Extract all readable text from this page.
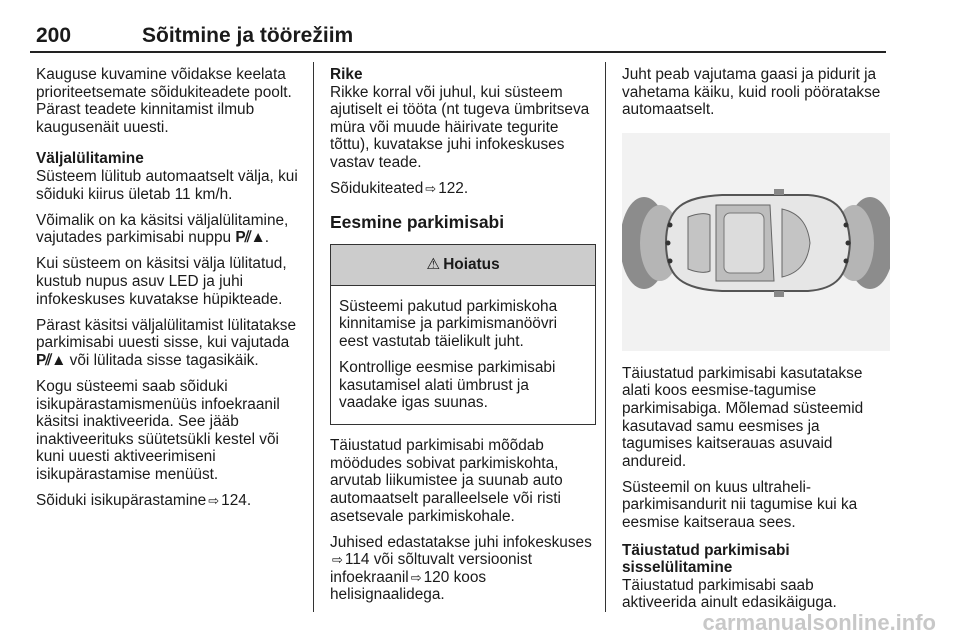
200	Sõitmine ja töörežiim

Kauguse kuvamine võidakse keelata prioriteetsemate sõidukiteadete poolt. Pärast teadete kinnitamist ilmub kaugusenäit uuesti.

Väljalülitamine

Süsteem lülitub automaatselt välja, kui sõiduki kiirus ületab 11 km/h.

Võimalik on ka käsitsi väljalülitamine, vajutades parkimisabi nuppu P⫽▲.

Kui süsteem on käsitsi välja lülitatud, kustub nupus asuv LED ja juhi infokeskuses kuvatakse hüpikteade.

Pärast käsitsi väljalülitamist lülitatakse parkimisabi uuesti sisse, kui vajutada P⫽▲ või lülitada sisse tagasikäik.

Kogu süsteemi saab sõiduki isikupärastamismenüüs infoekraanil käsitsi inaktiveerida. See jääb inaktiveerituks süütetsükli kestel või kuni uuesti aktiveerimiseni isikupärastamise menüüst.

Sõiduki isikupärastamine ⇨ 124.

Rike

Rikke korral või juhul, kui süsteem ajutiselt ei tööta (nt tugeva ümbritseva müra või muude häirivate tegurite tõttu), kuvatakse juhi infokeskuses vastav teade.

Sõidukiteated ⇨ 122.

Eesmine parkimisabi
⚠ Hoiatus

Süsteemi pakutud parkimiskoha kinnitamise ja parkimismanöövri eest vastutab täielikult juht.

Kontrollige eesmise parkimisabi kasutamisel alati ümbrust ja vaadake igas suunas.

Täiustatud parkimisabi mõõdab möödudes sobivat parkimiskohta, arvutab liikumistee ja suunab auto automaatselt paralleelsele või risti asetsevale parkimiskohale.

Juhised edastatakse juhi infokeskuses⇨ 114 või sõltuvalt versioonist infoekraanil ⇨ 120 koos helisignaalidega.

Juht peab vajutama gaasi ja pidurit ja vahetama käiku, kuid rooli pööratakse automaatselt.

Täiustatud parkimisabi kasutatakse alati koos eesmise-tagumise parkimisabiga. Mõlemad süsteemid kasutavad samu eesmises ja tagumises kaitserauas asuvaid andureid.

Süsteemil on kuus ultraheli-parkimisandurit nii tagumise kui ka eesmise kaitseraua sees.

Täiustatud parkimisabi sisselülitamine

Täiustatud parkimisabi saab aktiveerida ainult edasikäiguga.

carmanualsonline.info
